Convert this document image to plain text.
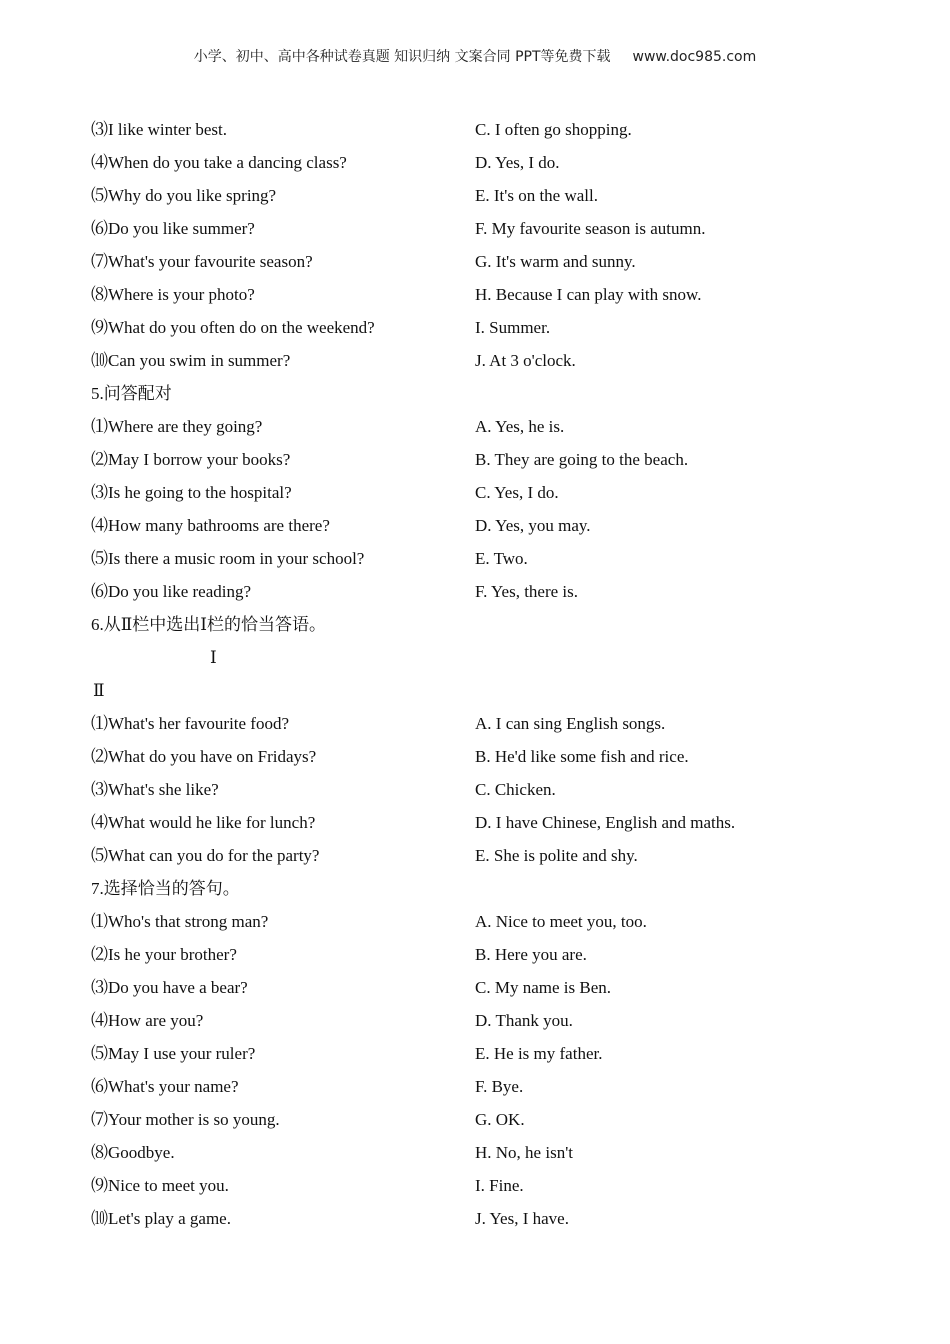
小学、初中、高中各种试卷真题 知识归纳 文案合同 PPT等免费下载 www.doc985.com
⑶I like winter best.	C. I often go shopping.
⑷When do you take a dancing class?	D. Yes, I do.
⑸Why do you like spring?	E. It's on the wall.
⑹Do you like summer?	F. My favourite season is autumn.
⑺What's your favourite season?	G. It's warm and sunny.
⑻Where is your photo?	H. Because I can play with snow.
⑼What do you often do on the weekend?	I. Summer.
⑽Can you swim in summer?	J. At 3 o'clock.
5.问答配对
⑴Where are they going?	A. Yes, he is.
⑵May I borrow your books?	B. They are going to the beach.
⑶Is he going to the hospital?	C. Yes, I do.
⑷How many bathrooms are there?	D. Yes, you may.
⑸Is there a music room in your school?	E. Two.
⑹Do you like reading?	F. Yes, there is.
6.从Ⅱ栏中选出Ⅰ栏的恰当答语。
Ⅰ
Ⅱ
⑴What's her favourite food?	A. I can sing English songs.
⑵What do you have on Fridays?	B. He'd like some fish and rice.
⑶What's she like?	C. Chicken.
⑷What would he like for lunch?	D. I have Chinese, English and maths.
⑸What can you do for the party?	E. She is polite and shy.
7.选择恰当的答句。
⑴Who's that strong man?	A. Nice to meet you, too.
⑵Is he your brother?	B. Here you are.
⑶Do you have a bear?	C. My name is Ben.
⑷How are you?	D. Thank you.
⑸May I use your ruler?	E. He is my father.
⑹What's your name?	F. Bye.
⑺Your mother is so young.	G. OK.
⑻Goodbye.	H. No, he isn't
⑼Nice to meet you.	I. Fine.
⑽Let's play a game.	J. Yes, I have.
